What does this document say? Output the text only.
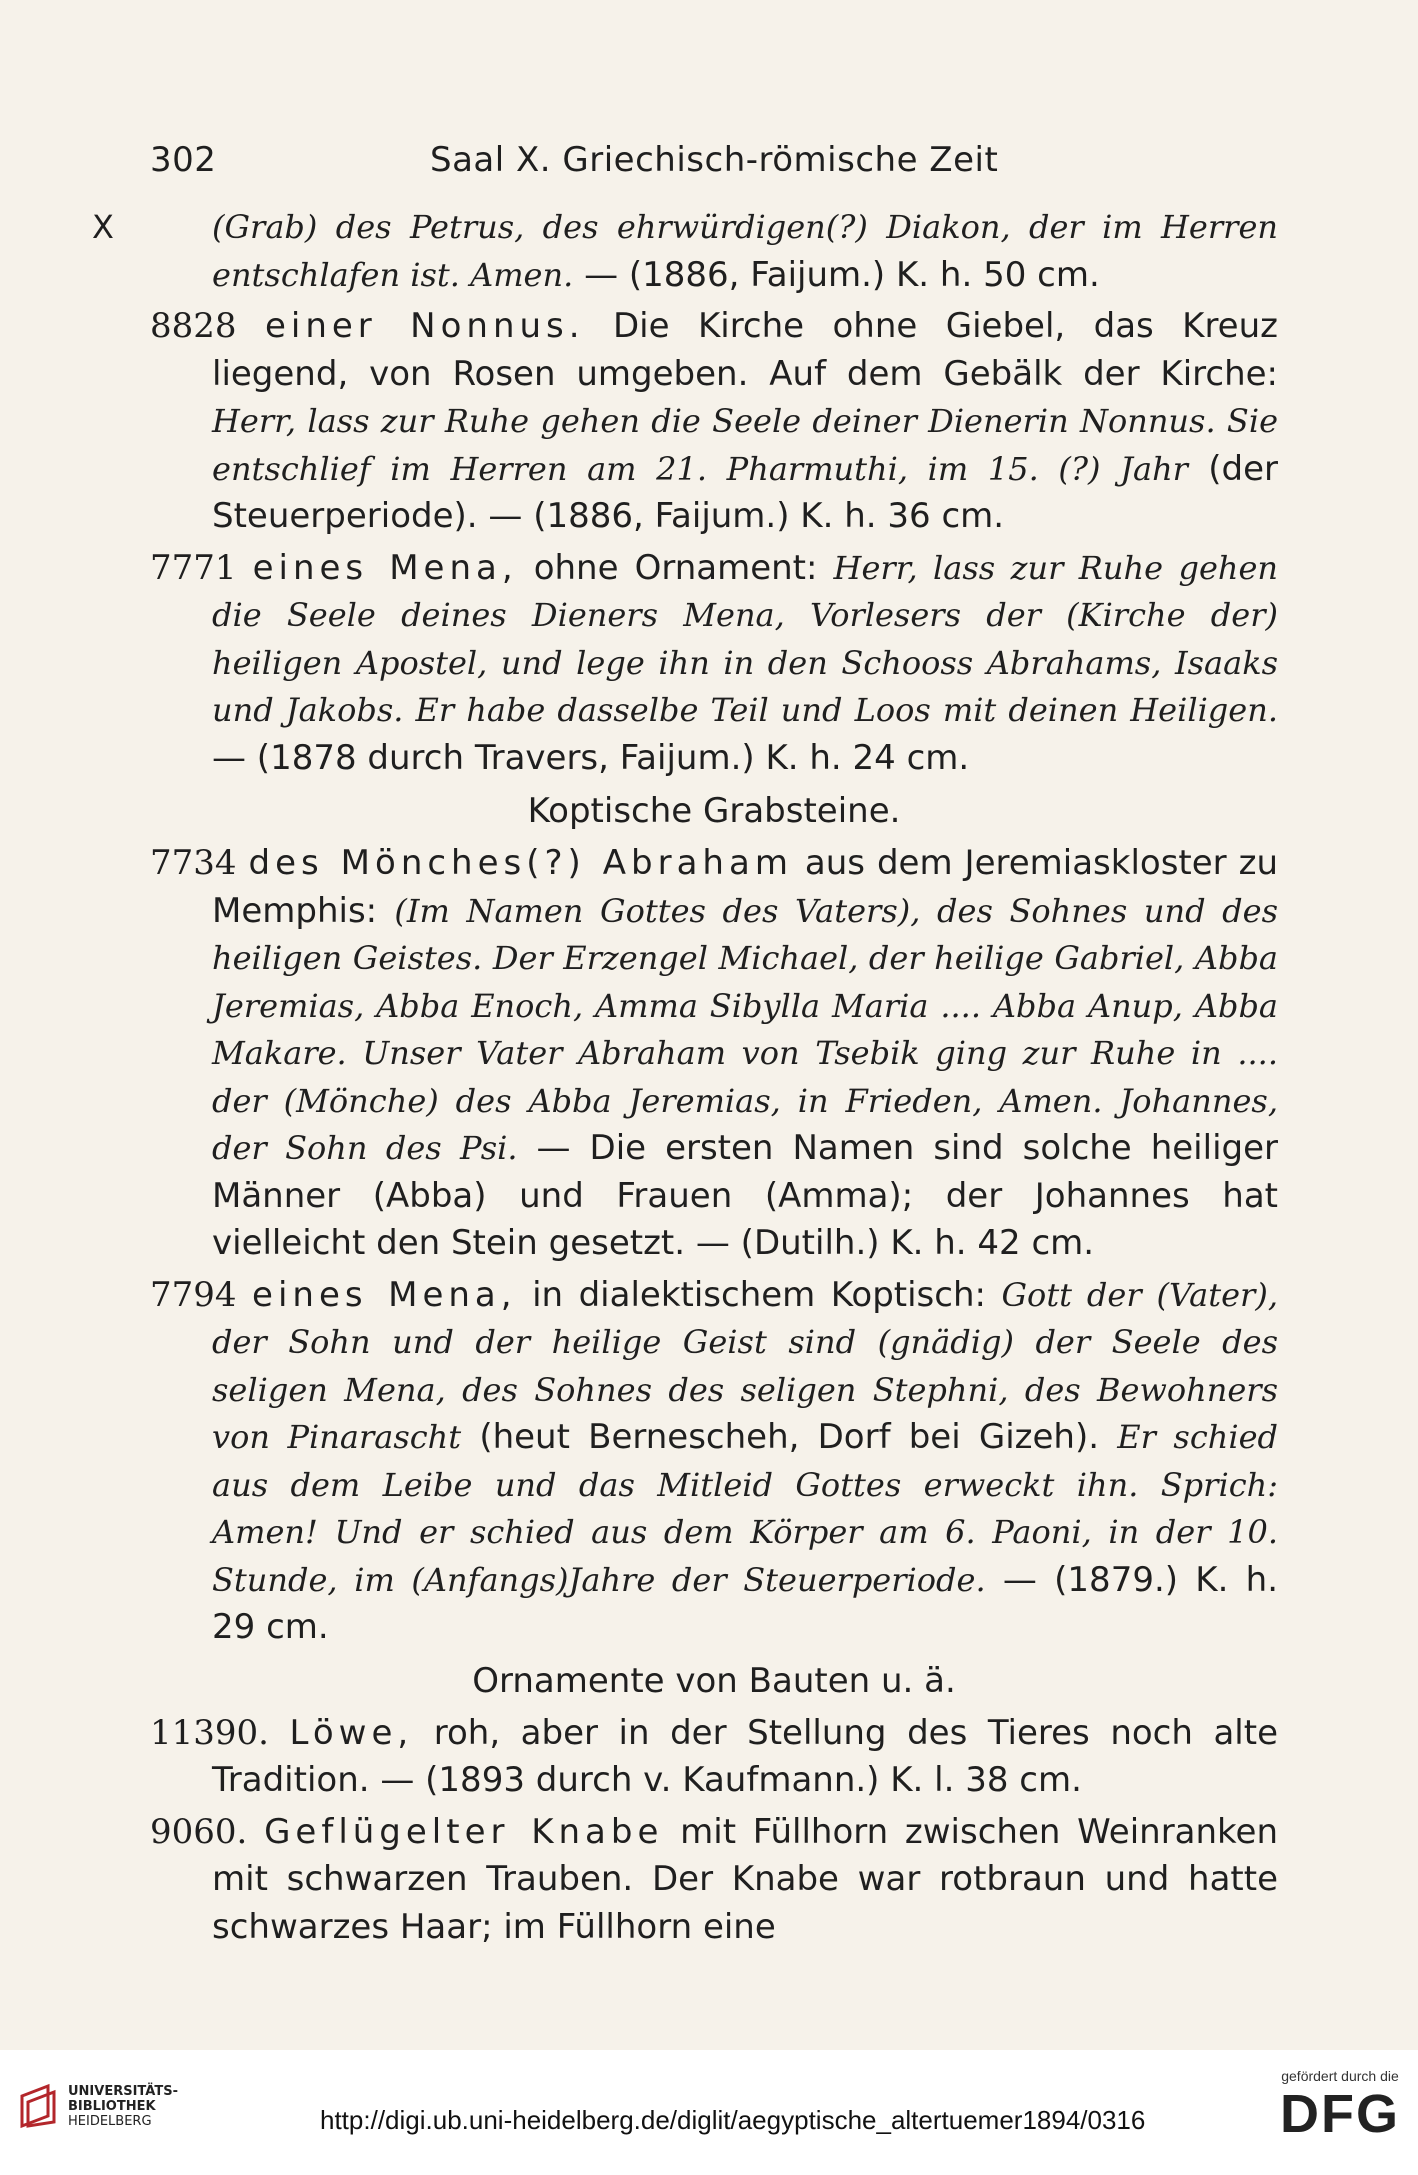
302	Saal X. Griechisch-römische Zeit
X	(Grab) des Petrus, des ehrwürdigen(?) Diakon, der im Herren entschlafen ist. Amen. — (1886, Faijum.) K. h. 50 cm.
8828 einer Nonnus. Die Kirche ohne Giebel, das Kreuz liegend, von Rosen umgeben. Auf dem Gebälk der Kirche: Herr, lass zur Ruhe gehen die Seele deiner Dienerin Nonnus. Sie entschlief im Herren am 21. Pharmuthi, im 15. (?) Jahr (der Steuerperiode). — (1886, Faijum.) K. h. 36 cm.
7771 eines Mena, ohne Ornament: Herr, lass zur Ruhe gehen die Seele deines Dieners Mena, Vorlesers der (Kirche der) heiligen Apostel, und lege ihn in den Schooss Abrahams, Isaaks und Jakobs. Er habe dasselbe Teil und Loos mit deinen Heiligen. — (1878 durch Travers, Faijum.) K. h. 24 cm.
Koptische Grabsteine.
7734 des Mönches(?) Abraham aus dem Jeremiaskloster zu Memphis: (Im Namen Gottes des Vaters), des Sohnes und des heiligen Geistes. Der Erzengel Michael, der heilige Gabriel, Abba Jeremias, Abba Enoch, Amma Sibylla Maria .... Abba Anup, Abba Makare. Unser Vater Abraham von Tsebik ging zur Ruhe in .... der (Mönche) des Abba Jeremias, in Frieden, Amen. Johannes, der Sohn des Psi. — Die ersten Namen sind solche heiliger Männer (Abba) und Frauen (Amma); der Johannes hat vielleicht den Stein gesetzt. — (Dutilh.) K. h. 42 cm.
7794 eines Mena, in dialektischem Koptisch: Gott der (Vater), der Sohn und der heilige Geist sind (gnädig) der Seele des seligen Mena, des Sohnes des seligen Stephni, des Bewohners von Pinarascht (heut Bernescheh, Dorf bei Gizeh). Er schied aus dem Leibe und das Mitleid Gottes erweckt ihn. Sprich: Amen! Und er schied aus dem Körper am 6. Paoni, in der 10. Stunde, im (Anfangs)Jahre der Steuerperiode. — (1879.) K. h. 29 cm.
Ornamente von Bauten u. ä.
11390. Löwe, roh, aber in der Stellung des Tieres noch alte Tradition. — (1893 durch v. Kaufmann.) K. l. 38 cm.
9060. Geflügelter Knabe mit Füllhorn zwischen Weinranken mit schwarzen Trauben. Der Knabe war rotbraun und hatte schwarzes Haar; im Füllhorn eine
UNIVERSITÄTS-
BIBLIOTHEK
HEIDELBERG	http://digi.ub.uni-heidelberg.de/diglit/aegyptische_altertuemer1894/0316
gefördert durch die
DFG
